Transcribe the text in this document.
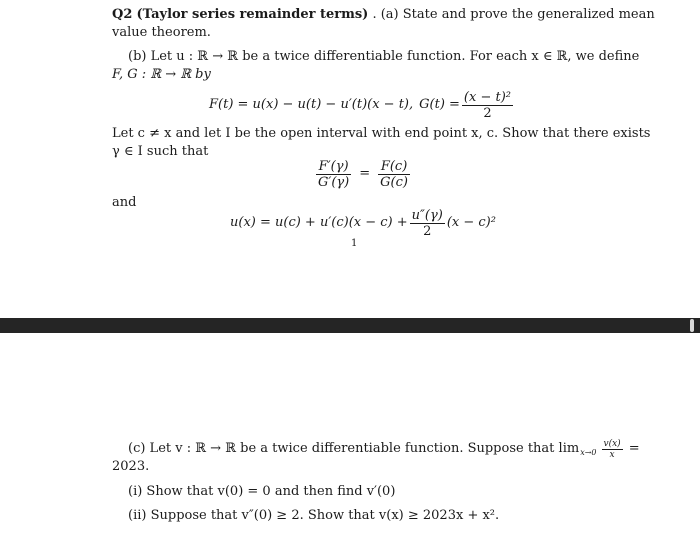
Q2 (Taylor series remainder terms) . (a) State and prove the generalized mean
value theorem.
(b) Let u : ℝ → ℝ be a twice differentiable function. For each x ∈ ℝ, we define
F, G : ℝ → ℝ by
F(t) = u(x) − u(t) − u′(t)(x − t), $G(t) = \frac{\text{(x − t)²}}{2}$
Let c ≠ x and let I be the open interval with end point x, c. Show that there exists
γ ∈ I such that
$\frac{F'(\gamma)}{G'(\gamma)} = \frac{F(c)}{G(c)}$
and
$u(x) = u(c) + u'(c)(x - c) + \frac{u''(\gamma)}{2} (x - c)^2$
1
(c) Let v : ℝ → ℝ be a twice differentiable function. Suppose that $\lim x\to 0 \frac{v(x)}{x}$ =
2023.
(i) Show that v(0) = 0 and then find v′(0)
(ii) Suppose that v″(0) ≥ 2. Show that v(x) ≥ 2023x + x².
